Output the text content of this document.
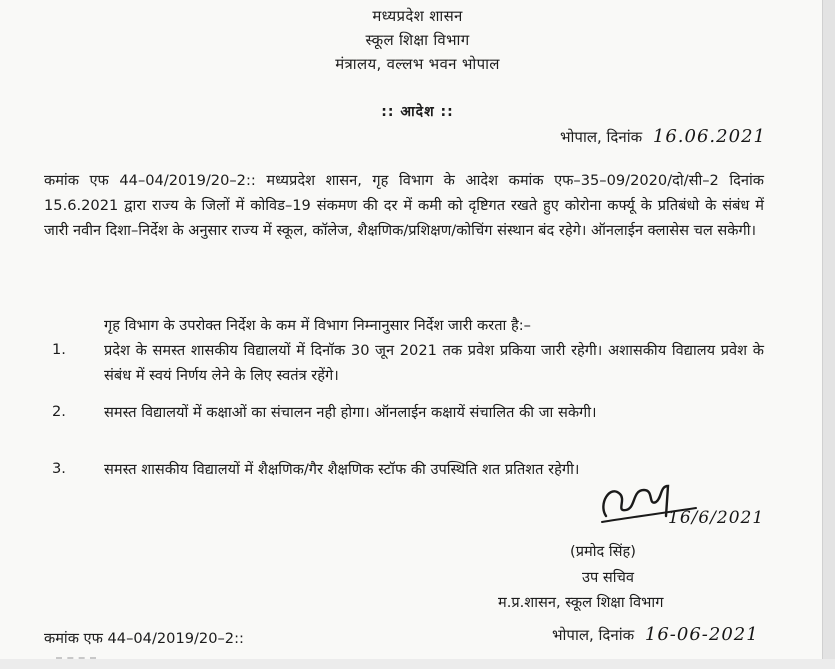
मध्यप्रदेश शासन
स्कूल शिक्षा विभाग
मंत्रालय, वल्लभ भवन भोपाल
:: आदेश ::
भोपाल, दिनांक 16.06.2021
कमांक एफ 44–04/2019/20–2:: मध्यप्रदेश शासन, गृह विभाग के आदेश कमांक एफ–35–09/2020/दो/सी–2 दिनांक 15.6.2021 द्वारा राज्य के जिलों में कोविड–19 संकमण की दर में कमी को दृष्टिगत रखते हुए कोरोना कर्फ्यू के प्रतिबंधो के संबंध में जारी नवीन दिशा–निर्देश के अनुसार राज्य में स्कूल, कॉलेज, शैक्षणिक/प्रशिक्षण/कोचिंग संस्थान बंद रहेगे। ऑनलाईन क्लासेस चल सकेगी।
गृह विभाग के उपरोक्त निर्देश के कम में विभाग निम्नानुसार निर्देश जारी करता है:–
1.	प्रदेश के समस्त शासकीय विद्यालयों में दिनॉक 30 जून 2021 तक प्रवेश प्रकिया जारी रहेगी। अशासकीय विद्यालय प्रवेश के संबंध में स्वयं निर्णय लेने के लिए स्वतंत्र रहेंगे।
2.	समस्त विद्यालयों में कक्षाओं का संचालन नही होगा। ऑनलाईन कक्षायें संचालित की जा सकेगी।
3.	समस्त शासकीय विद्यालयों में शैक्षणिक/गैर शैक्षणिक स्टॉफ की उपस्थिति शत प्रतिशत रहेगी।
16/6/2021
(प्रमोद सिंह)
उप सचिव
म.प्र.शासन, स्कूल शिक्षा विभाग
कमांक एफ 44–04/2019/20–2::	भोपाल, दिनांक 16-06-2021
